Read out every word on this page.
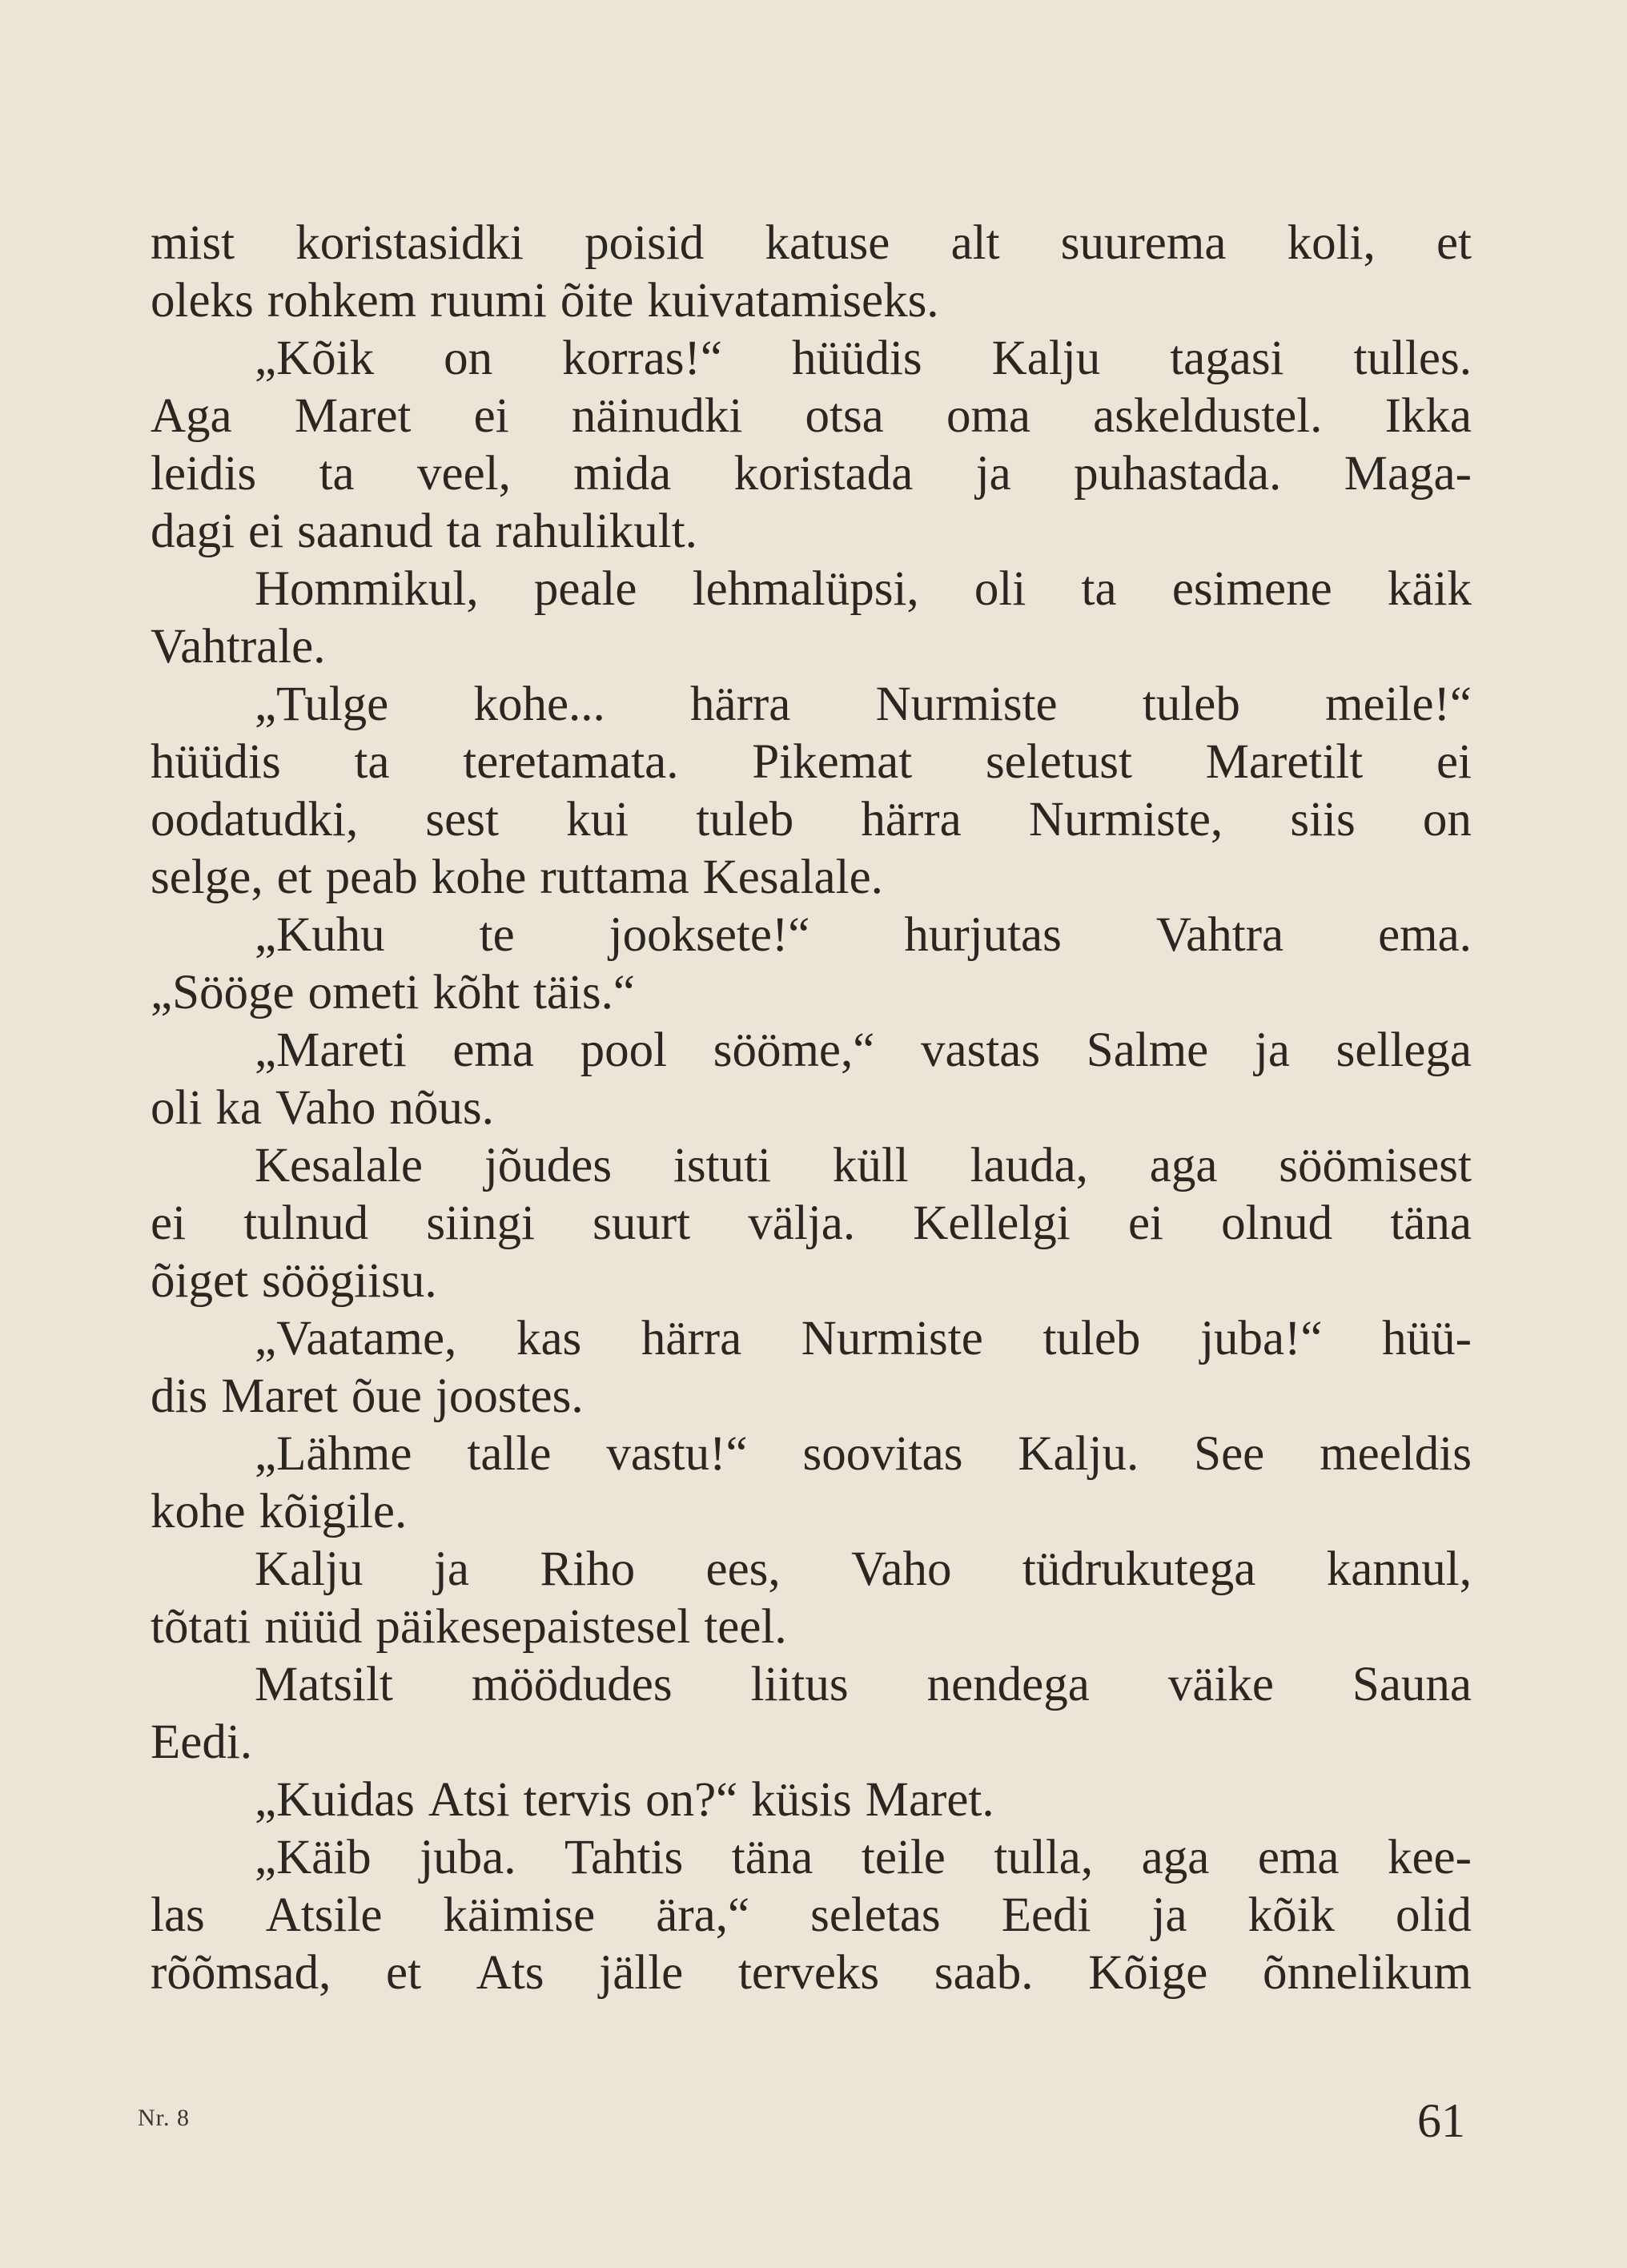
mist koristasidki poisid katuse alt suurema koli, et
oleks rohkem ruumi õite kuivatamiseks.
„Kõik on korras!“ hüüdis Kalju tagasi tulles.
Aga Maret ei näinudki otsa oma askeldustel. Ikka
leidis ta veel, mida koristada ja puhastada. Maga-
dagi ei saanud ta rahulikult.
Hommikul, peale lehmalüpsi, oli ta esimene käik
Vahtrale.
„Tulge kohe... härra Nurmiste tuleb meile!“
hüüdis ta teretamata. Pikemat seletust Maretilt ei
oodatudki, sest kui tuleb härra Nurmiste, siis on
selge, et peab kohe ruttama Kesalale.
„Kuhu te jooksete!“ hurjutas Vahtra ema.
„Sööge ometi kõht täis.“
„Mareti ema pool sööme,“ vastas Salme ja sellega
oli ka Vaho nõus.
Kesalale jõudes istuti küll lauda, aga söömisest
ei tulnud siingi suurt välja. Kellelgi ei olnud täna
õiget söögiisu.
„Vaatame, kas härra Nurmiste tuleb juba!“ hüü-
dis Maret õue joostes.
„Lähme talle vastu!“ soovitas Kalju. See meeldis
kohe kõigile.
Kalju ja Riho ees, Vaho tüdrukutega kannul,
tõtati nüüd päikesepaistesel teel.
Matsilt möödudes liitus nendega väike Sauna
Eedi.
„Kuidas Atsi tervis on?“ küsis Maret.
„Käib juba. Tahtis täna teile tulla, aga ema kee-
las Atsile käimise ära,“ seletas Eedi ja kõik olid
rõõmsad, et Ats jälle terveks saab. Kõige õnnelikum
Nr. 8	61
